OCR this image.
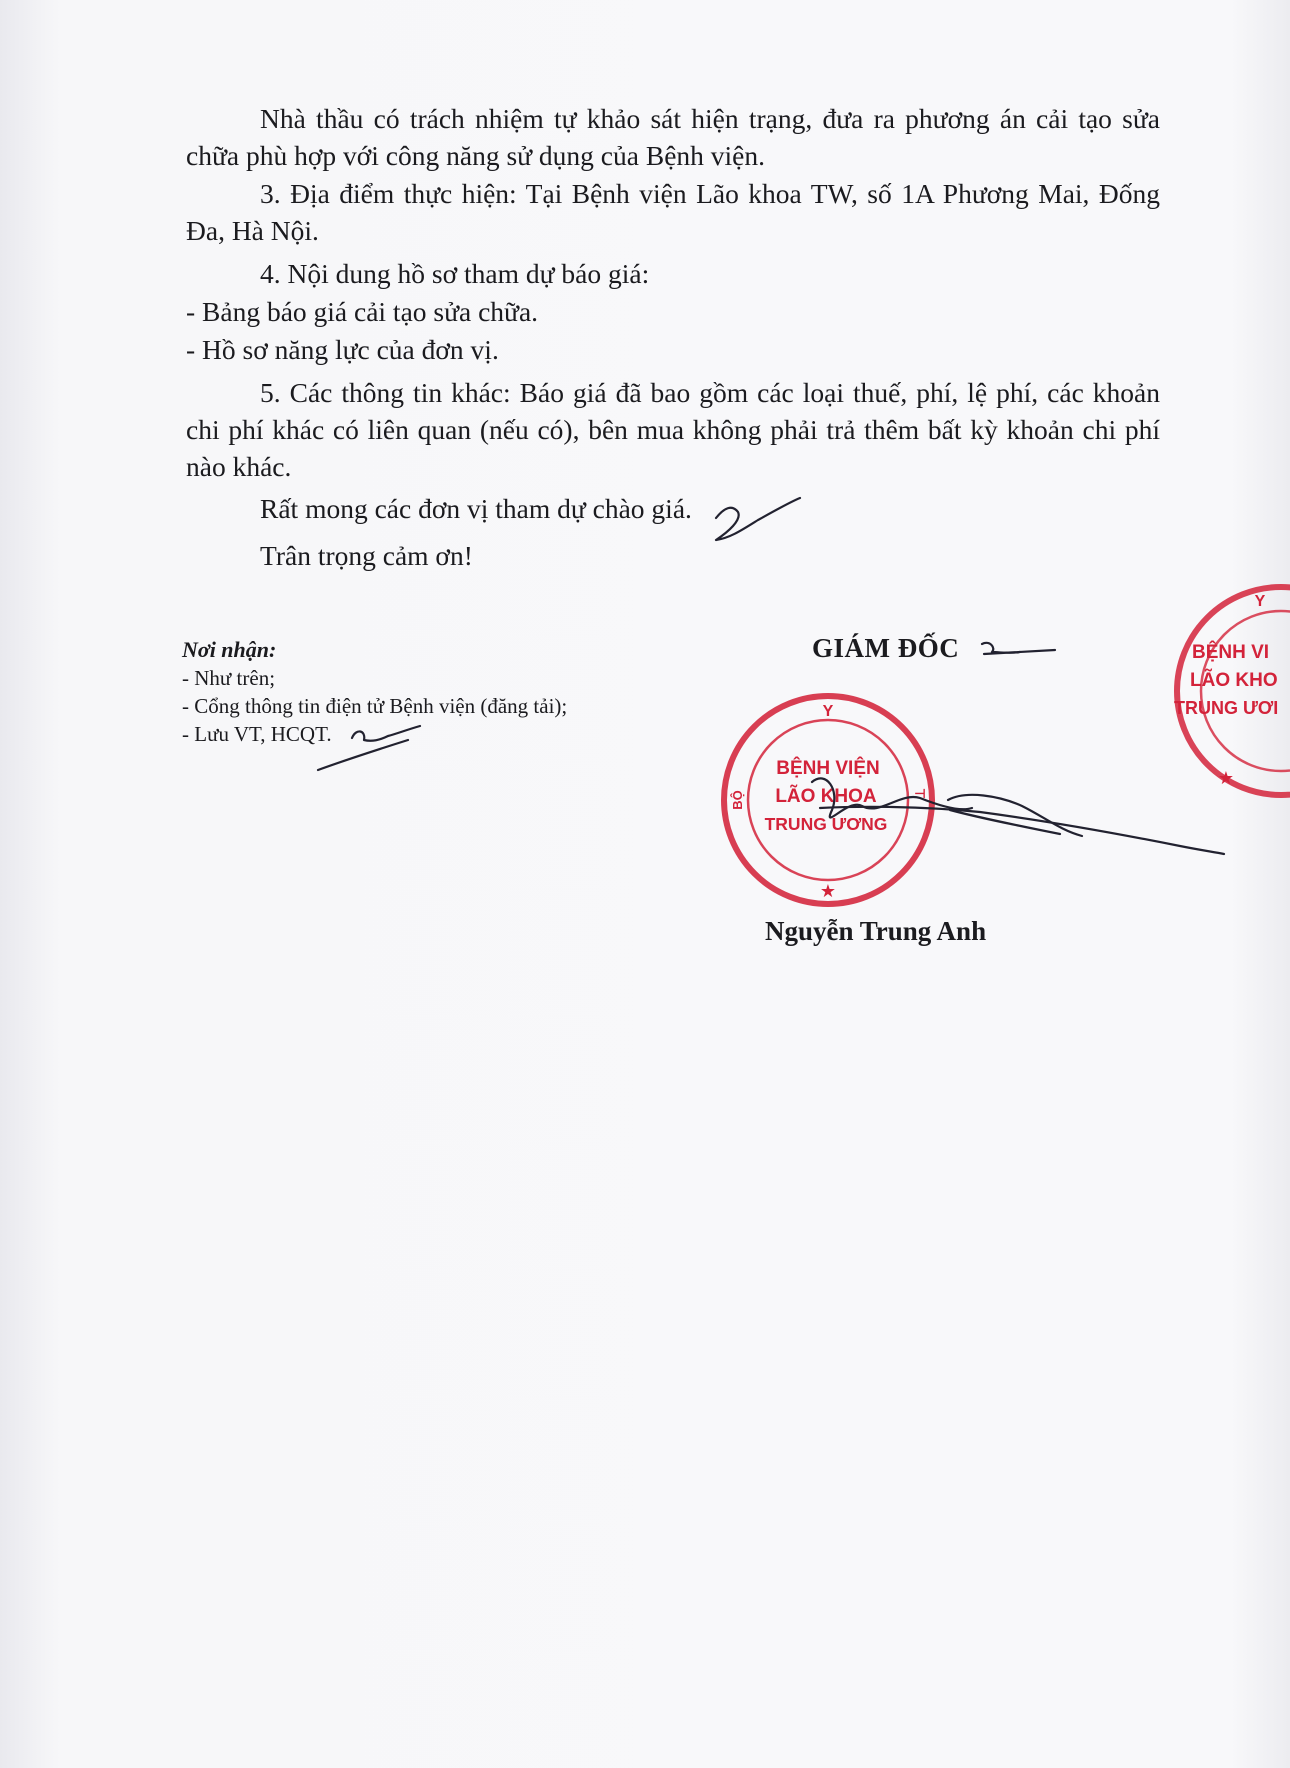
Nhà thầu có trách nhiệm tự khảo sát hiện trạng, đưa ra phương án cải tạo sửa chữa phù hợp với công năng sử dụng của Bệnh viện.

3. Địa điểm thực hiện: Tại Bệnh viện Lão khoa TW, số 1A Phương Mai, Đống Đa, Hà Nội.

4. Nội dung hồ sơ tham dự báo giá:

- Bảng báo giá cải tạo sửa chữa.

- Hồ sơ năng lực của đơn vị.

5. Các thông tin khác: Báo giá đã bao gồm các loại thuế, phí, lệ phí, các khoản chi phí khác có liên quan (nếu có), bên mua không phải trả thêm bất kỳ khoản chi phí nào khác.

Rất mong các đơn vị tham dự chào giá.
Trân trọng cảm ơn!
Nơi nhận:
- Như trên;
- Cổng thông tin điện tử Bệnh viện (đăng tải);
- Lưu VT, HCQT.
GIÁM ĐỐC
Y
BỘ	⊣
BỆNH VIỆN
LÃO KHOA
TRUNG ƯƠNG
★
Y
BỆNH VI
LÃO KHO
TRUNG ƯƠI
★
Nguyễn Trung Anh
